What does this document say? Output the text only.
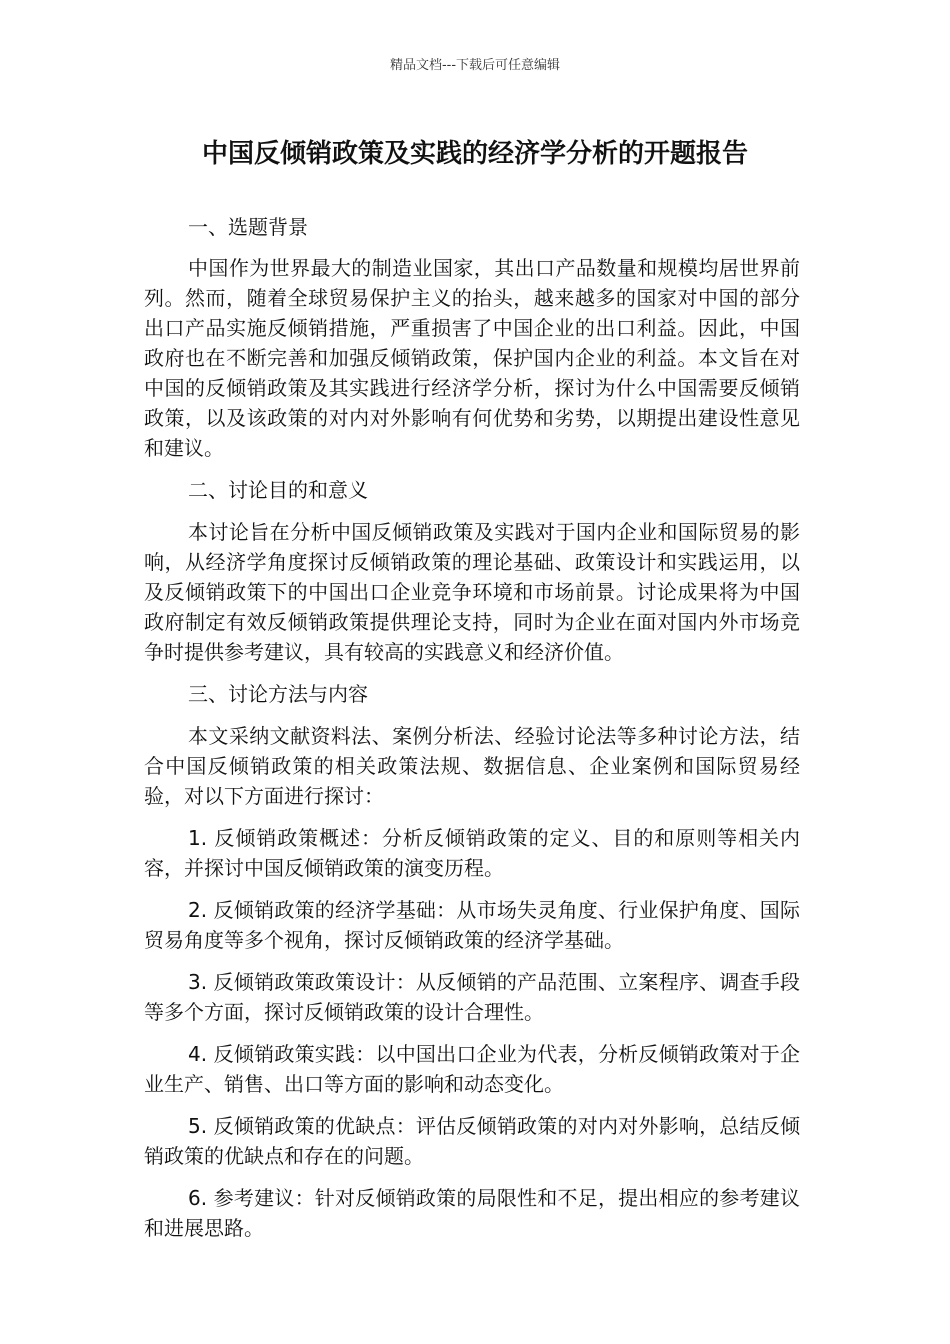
精品文档---下载后可任意编辑
中国反倾销政策及实践的经济学分析的开题报告

一、选题背景

中国作为世界最大的制造业国家，其出口产品数量和规模均居世界前列。然而，随着全球贸易保护主义的抬头，越来越多的国家对中国的部分出口产品实施反倾销措施，严重损害了中国企业的出口利益。因此，中国政府也在不断完善和加强反倾销政策，保护国内企业的利益。本文旨在对中国的反倾销政策及其实践进行经济学分析，探讨为什么中国需要反倾销政策，以及该政策的对内对外影响有何优势和劣势，以期提出建设性意见和建议。

二、讨论目的和意义

本讨论旨在分析中国反倾销政策及实践对于国内企业和国际贸易的影响，从经济学角度探讨反倾销政策的理论基础、政策设计和实践运用，以及反倾销政策下的中国出口企业竞争环境和市场前景。讨论成果将为中国政府制定有效反倾销政策提供理论支持，同时为企业在面对国内外市场竞争时提供参考建议，具有较高的实践意义和经济价值。

三、讨论方法与内容

本文采纳文献资料法、案例分析法、经验讨论法等多种讨论方法，结合中国反倾销政策的相关政策法规、数据信息、企业案例和国际贸易经验，对以下方面进行探讨：

1. 反倾销政策概述：分析反倾销政策的定义、目的和原则等相关内容，并探讨中国反倾销政策的演变历程。

2. 反倾销政策的经济学基础：从市场失灵角度、行业保护角度、国际贸易角度等多个视角，探讨反倾销政策的经济学基础。

3. 反倾销政策政策设计：从反倾销的产品范围、立案程序、调查手段等多个方面，探讨反倾销政策的设计合理性。

4. 反倾销政策实践：以中国出口企业为代表，分析反倾销政策对于企业生产、销售、出口等方面的影响和动态变化。

5. 反倾销政策的优缺点：评估反倾销政策的对内对外影响，总结反倾销政策的优缺点和存在的问题。

6. 参考建议：针对反倾销政策的局限性和不足，提出相应的参考建议和进展思路。
